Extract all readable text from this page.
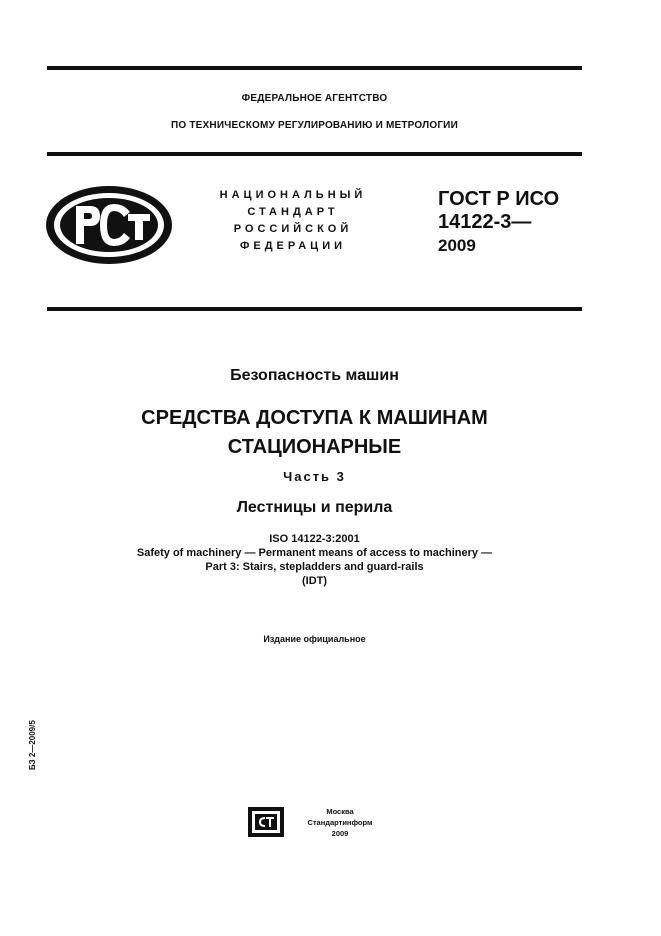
ФЕДЕРАЛЬНОЕ АГЕНТСТВО
ПО ТЕХНИЧЕСКОМУ РЕГУЛИРОВАНИЮ И МЕТРОЛОГИИ
НАЦИОНАЛЬНЫЙ
СТАНДАРТ
РОССИЙСКОЙ
ФЕДЕРАЦИИ
ГОСТ Р ИСО
14122-3—
2009
Безопасность машин
СРЕДСТВА ДОСТУПА К МАШИНАМ
СТАЦИОНАРНЫЕ
Часть 3
Лестницы и перила
ISO 14122-3:2001
Safety of machinery — Permanent means of access to machinery —
Part 3: Stairs, stepladders and guard-rails
(IDT)
Издание официальное
БЗ 2—2009/5
Москва
Стандартинформ
2009
